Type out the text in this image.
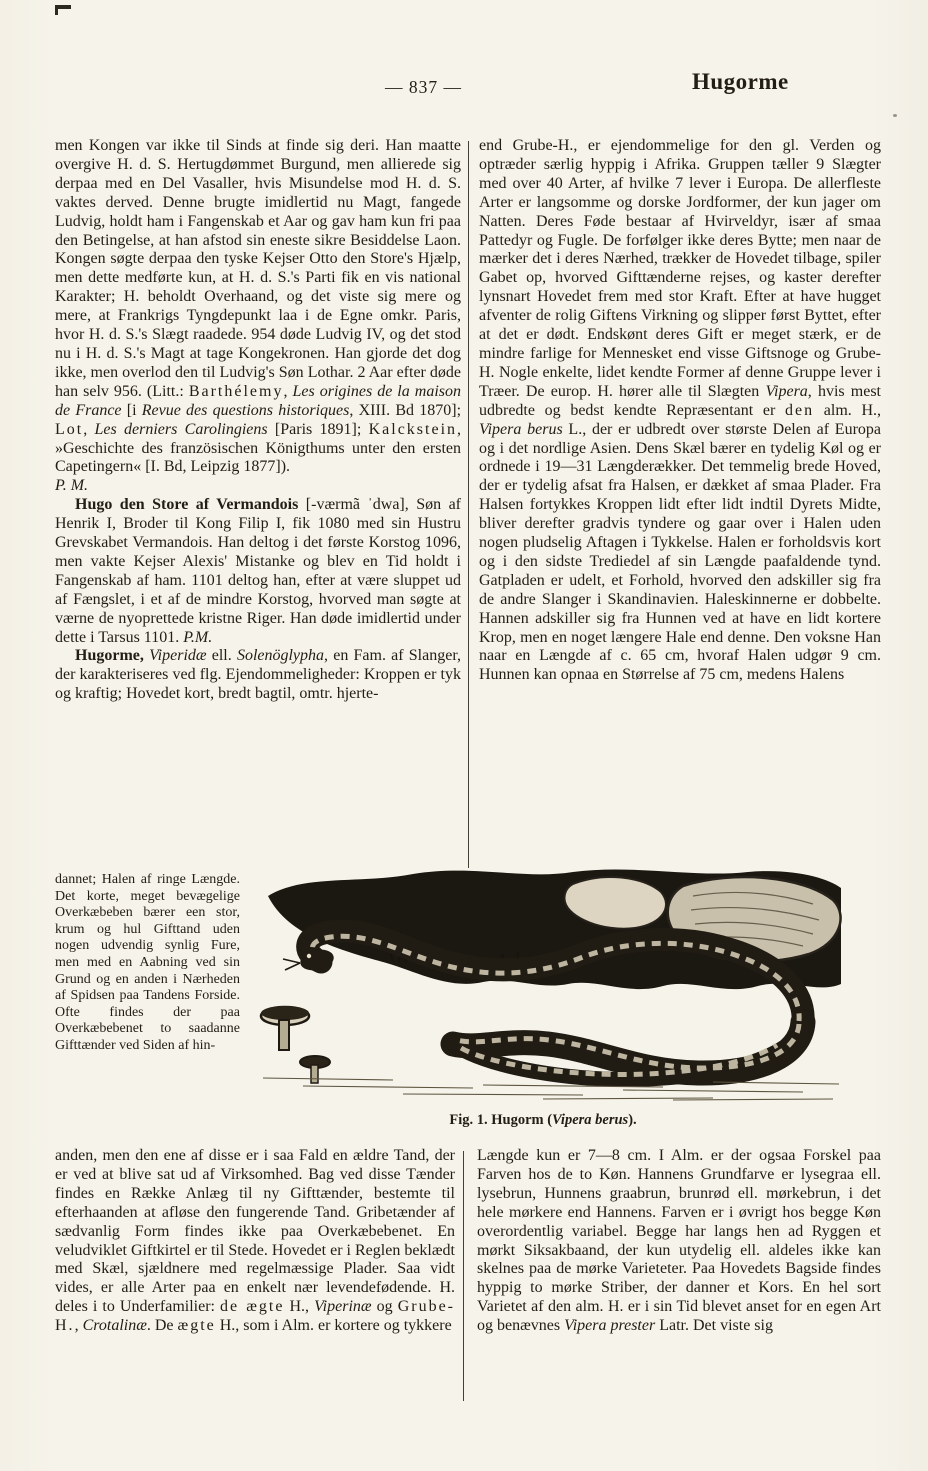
— 837 —	Hugorme

men Kongen var ikke til Sinds at finde sig deri. Han maatte overgive H. d. S. Hertugdømmet Burgund, men allierede sig derpaa med en Del Vasaller, hvis Misundelse mod H. d. S. vaktes derved. Denne brugte imidlertid nu Magt, fangede Ludvig, holdt ham i Fangenskab et Aar og gav ham kun fri paa den Betingelse, at han afstod sin eneste sikre Besiddelse Laon. Kongen søgte derpaa den tyske Kejser Otto den Store's Hjælp, men dette medførte kun, at H. d. S.'s Parti fik en vis national Karakter; H. beholdt Overhaand, og det viste sig mere og mere, at Frankrigs Tyngdepunkt laa i de Egne omkr. Paris, hvor H. d. S.'s Slægt raadede. 954 døde Ludvig IV, og det stod nu i H. d. S.'s Magt at tage Kongekronen. Han gjorde det dog ikke, men overlod den til Ludvig's Søn Lothar. 2 Aar efter døde han selv 956. (Litt.: Barthélemy, Les origines de la maison de France [i Revue des questions historiques, XIII. Bd 1870]; Lot, Les derniers Carolingiens [Paris 1891]; Kalckstein, »Geschichte des französischen Königthums unter den ersten Capetingern« [I. Bd, Leipzig 1877]).

P. M.

Hugo den Store af Vermandois [-værmã ˈdwa], Søn af Henrik I, Broder til Kong Filip I, fik 1080 med sin Hustru Grevskabet Vermandois. Han deltog i det første Korstog 1096, men vakte Kejser Alexis' Mistanke og blev en Tid holdt i Fangenskab af ham. 1101 deltog han, efter at være sluppet ud af Fængslet, i et af de mindre Korstog, hvorved man søgte at værne de nyoprettede kristne Riger. Han døde imidlertid under dette i Tarsus 1101. P.M.

Hugorme, Viperidæ ell. Solenöglypha, en Fam. af Slanger, der karakteriseres ved flg. Ejendommeligheder: Kroppen er tyk og kraftig; Hovedet kort, bredt bagtil, omtr. hjerte-

end Grube-H., er ejendommelige for den gl. Verden og optræder særlig hyppig i Afrika. Gruppen tæller 9 Slægter med over 40 Arter, af hvilke 7 lever i Europa. De allerfleste Arter er langsomme og dorske Jordformer, der kun jager om Natten. Deres Føde bestaar af Hvirveldyr, især af smaa Pattedyr og Fugle. De forfølger ikke deres Bytte; men naar de mærker det i deres Nærhed, trækker de Hovedet tilbage, spiler Gabet op, hvorved Gifttænderne rejses, og kaster derefter lynsnart Hovedet frem med stor Kraft. Efter at have hugget afventer de rolig Giftens Virkning og slipper først Byttet, efter at det er dødt. Endskønt deres Gift er meget stærk, er de mindre farlige for Mennesket end visse Giftsnoge og Grube-H. Nogle enkelte, lidet kendte Former af denne Gruppe lever i Træer. De europ. H. hører alle til Slægten Vipera, hvis mest udbredte og bedst kendte Repræsentant er den alm. H., Vipera berus L., der er udbredt over største Delen af Europa og i det nordlige Asien. Dens Skæl bærer en tydelig Køl og er ordnede i 19—31 Længderækker. Det temmelig brede Hoved, der er tydelig afsat fra Halsen, er dækket af smaa Plader. Fra Halsen fortykkes Kroppen lidt efter lidt indtil Dyrets Midte, bliver derefter gradvis tyndere og gaar over i Halen uden nogen pludselig Aftagen i Tykkelse. Halen er forholdsvis kort og i den sidste Trediedel af sin Længde paafaldende tynd. Gatpladen er udelt, et Forhold, hvorved den adskiller sig fra de andre Slanger i Skandinavien. Haleskinnerne er dobbelte. Hannen adskiller sig fra Hunnen ved at have en lidt kortere Krop, men en noget længere Hale end denne. Den voksne Han naar en Længde af c. 65 cm, hvoraf Halen udgør 9 cm. Hunnen kan opnaa en Størrelse af 75 cm, medens Halens

dannet; Halen af ringe Længde. Det korte, meget bevægelige Overkæbeben bærer een stor, krum og hul Gifttand uden nogen udvendig synlig Fure, men med en Aabning ved sin Grund og en anden i Nærheden af Spidsen paa Tandens Forside. Ofte findes der paa Overkæbebenet to saadanne Gifttænder ved Siden af hin-

Fig. 1. Hugorm (Vipera berus).

anden, men den ene af disse er i saa Fald en ældre Tand, der er ved at blive sat ud af Virksomhed. Bag ved disse Tænder findes en Række Anlæg til ny Gifttænder, bestemte til efterhaanden at afløse den fungerende Tand. Gribetænder af sædvanlig Form findes ikke paa Overkæbebenet. En veludviklet Giftkirtel er til Stede. Hovedet er i Reglen beklædt med Skæl, sjældnere med regelmæssige Plader. Saa vidt vides, er alle Arter paa en enkelt nær levendefødende. H. deles i to Underfamilier: de ægte H., Viperinæ og Grube-H., Crotalinæ. De ægte H., som i Alm. er kortere og tykkere

Længde kun er 7—8 cm. I Alm. er der ogsaa Forskel paa Farven hos de to Køn. Hannens Grundfarve er lysegraa ell. lysebrun, Hunnens graabrun, brunrød ell. mørkebrun, i det hele mørkere end Hannens. Farven er i øvrigt hos begge Køn overordentlig variabel. Begge har langs hen ad Ryggen et mørkt Siksakbaand, der kun utydelig ell. aldeles ikke kan skelnes paa de mørke Varieteter. Paa Hovedets Bagside findes hyppig to mørke Striber, der danner et Kors. En hel sort Varietet af den alm. H. er i sin Tid blevet anset for en egen Art og benævnes Vipera prester Latr. Det viste sig
